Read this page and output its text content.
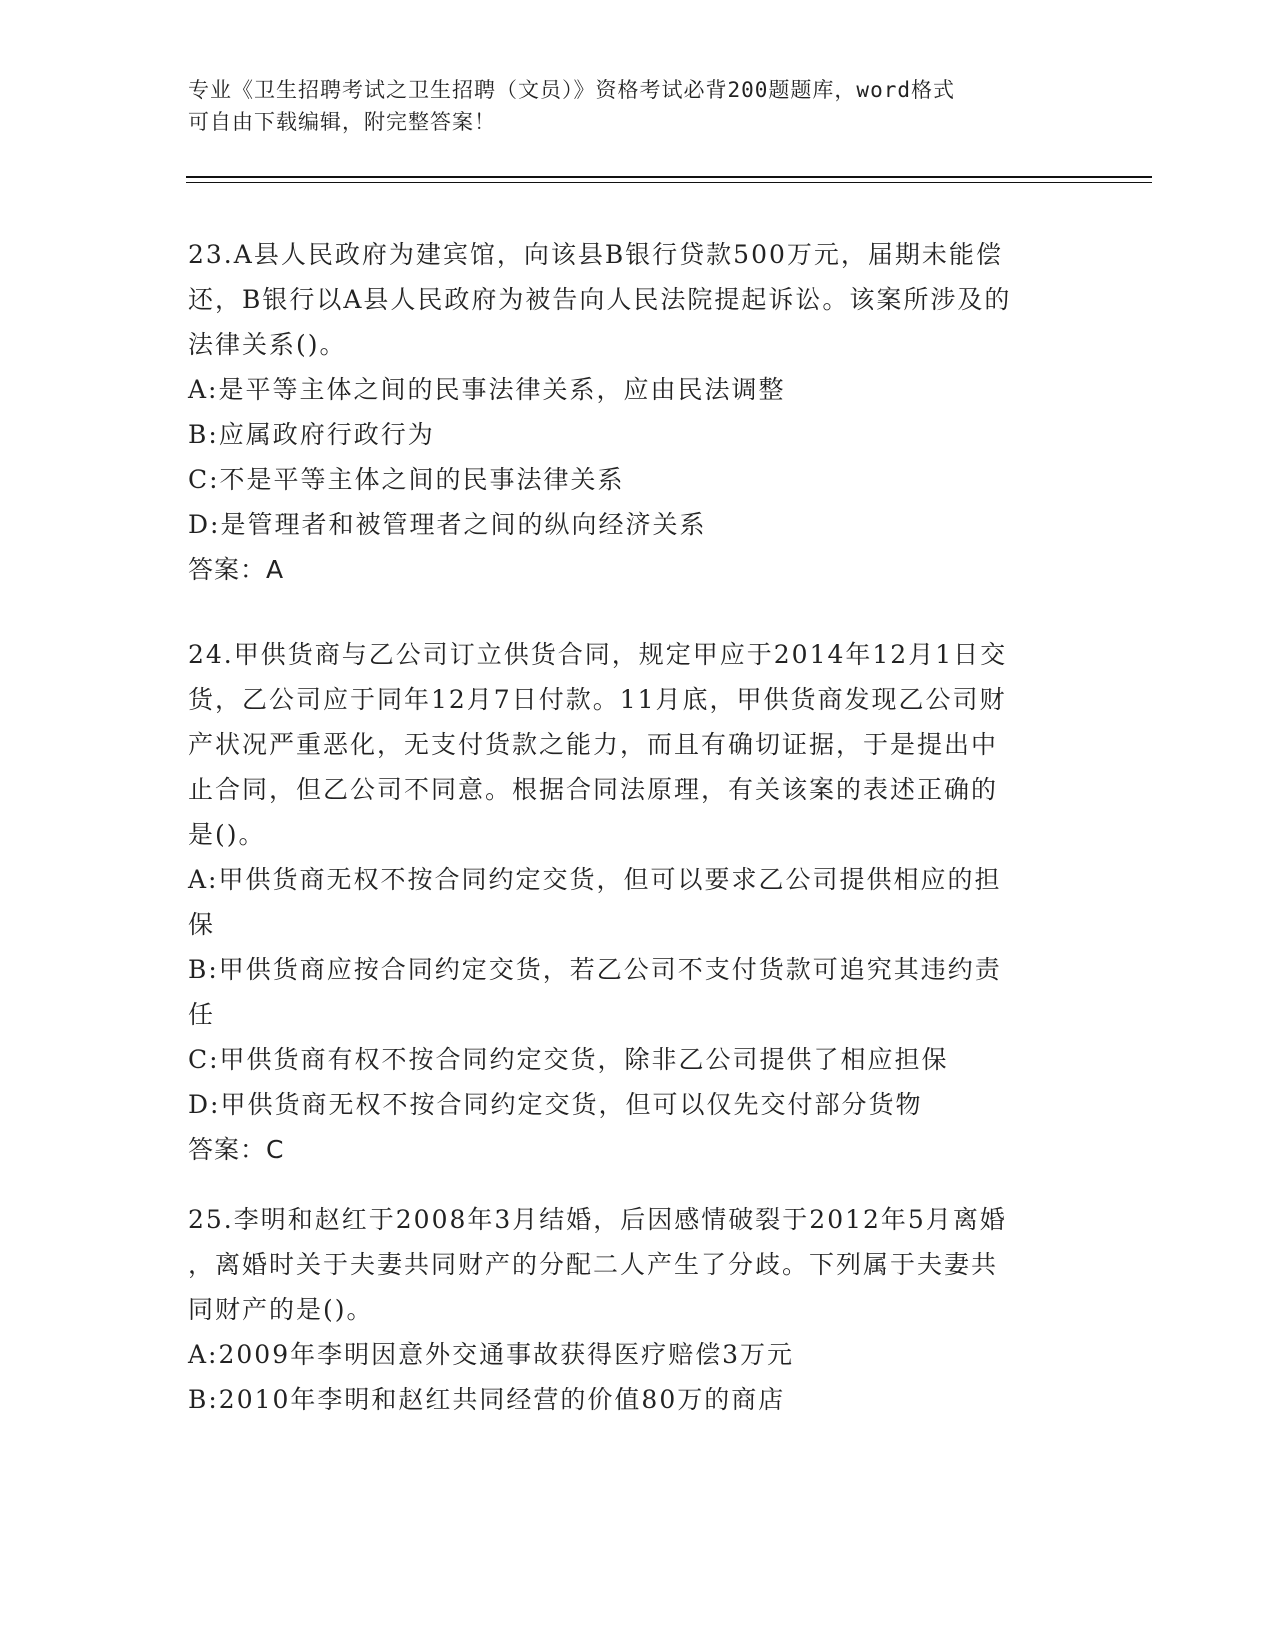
专业《卫生招聘考试之卫生招聘（文员）》资格考试必背200题题库，word格式
可自由下载编辑，附完整答案！
23.A县人民政府为建宾馆，向该县B银行贷款500万元，届期未能偿
还，B银行以A县人民政府为被告向人民法院提起诉讼。该案所涉及的
法律关系()。
A:是平等主体之间的民事法律关系，应由民法调整
B:应属政府行政行为
C:不是平等主体之间的民事法律关系
D:是管理者和被管理者之间的纵向经济关系
答案：A
24.甲供货商与乙公司订立供货合同，规定甲应于2014年12月1日交
货，乙公司应于同年12月7日付款。11月底，甲供货商发现乙公司财
产状况严重恶化，无支付货款之能力，而且有确切证据，于是提出中
止合同，但乙公司不同意。根据合同法原理，有关该案的表述正确的
是()。
A:甲供货商无权不按合同约定交货，但可以要求乙公司提供相应的担
保
B:甲供货商应按合同约定交货，若乙公司不支付货款可追究其违约责
任
C:甲供货商有权不按合同约定交货，除非乙公司提供了相应担保
D:甲供货商无权不按合同约定交货，但可以仅先交付部分货物
答案：C
25.李明和赵红于2008年3月结婚，后因感情破裂于2012年5月离婚
，离婚时关于夫妻共同财产的分配二人产生了分歧。下列属于夫妻共
同财产的是()。
A:2009年李明因意外交通事故获得医疗赔偿3万元
B:2010年李明和赵红共同经营的价值80万的商店
